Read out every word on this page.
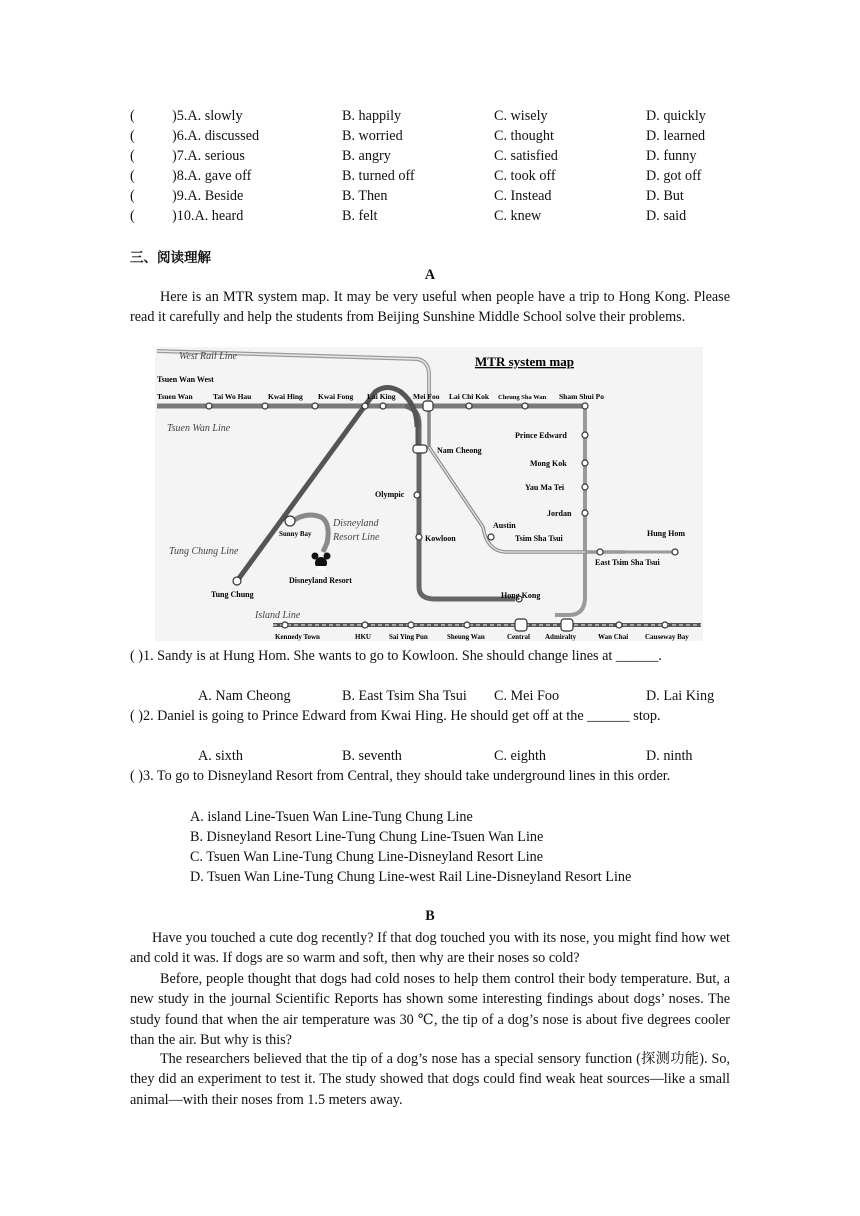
(	)5.A. slowly	B. happily	C. wisely	D. quickly
(	)6.A. discussed	B. worried	C. thought	D. learned
(	)7.A. serious	B. angry	C. satisfied	D. funny
(	)8.A. gave off	B. turned off	C. took off	D. got off
(	)9.A. Beside	B. Then	C. Instead	D. But
(	)10.A. heard	B. felt	C. knew	D. said
三、阅读理解
A
Here is an MTR system map. It may be very useful when people have a trip to Hong Kong. Please read it carefully and help the students from Beijing Sunshine Middle School solve their problems.
MTR system map
West Rail Line
Tsuen Wan West
Tsuen Wan	Tai Wo Hau Kwai Hing Kwai Fong Lai King Mei Foo Lai Chi Kok Cheung Sha Wan Sham Shui Po
Tsuen Wan Line
Prince Edward
Nam Cheong
Mong Kok
Yau Ma Tei
Olympic
Jordan
Austin
Sunny Bay
Disneyland
Resort Line	Kowloon	Tsim Sha Tsui
Hung Hom
East Tsim Sha Tsui
Tung Chung Line
Disneyland Resort
Tung Chung	Hong Kong
Island Line
Kennedy Town	HKU	Sai Ying Pun	Sheung Wan	Central Admiralty	Wan Chai Causeway Bay
( )1. Sandy is at Hung Hom. She wants to go to Kowloon. She should change lines at ______.
A. Nam Cheong	B. East Tsim Sha Tsui C. Mei Foo	D. Lai King
( )2. Daniel is going to Prince Edward from Kwai Hing. He should get off at the ______ stop.
A. sixth	B. seventh	C. eighth	D. ninth
( )3. To go to Disneyland Resort from Central, they should take underground lines in this order.
A. island Line-Tsuen Wan Line-Tung Chung Line
B. Disneyland Resort Line-Tung Chung Line-Tsuen Wan Line
C. Tsuen Wan Line-Tung Chung Line-Disneyland Resort Line
D. Tsuen Wan Line-Tung Chung Line-west Rail Line-Disneyland Resort Line
B
Have you touched a cute dog recently? If that dog touched you with its nose, you might find how wet and cold it was. If dogs are so warm and soft, then why are their noses so cold?
Before, people thought that dogs had cold noses to help them control their body temperature. But, a new study in the journal Scientific Reports has shown some interesting findings about dogs’ noses. The study found that when the air temperature was 30 ℃, the tip of a dog’s nose is about five degrees cooler than the air. But why is this?
The researchers believed that the tip of a dog’s nose has a special sensory function (探测功能). So, they did an experiment to test it. The study showed that dogs could find weak heat sources—like a small animal—with their noses from 1.5 meters away.
